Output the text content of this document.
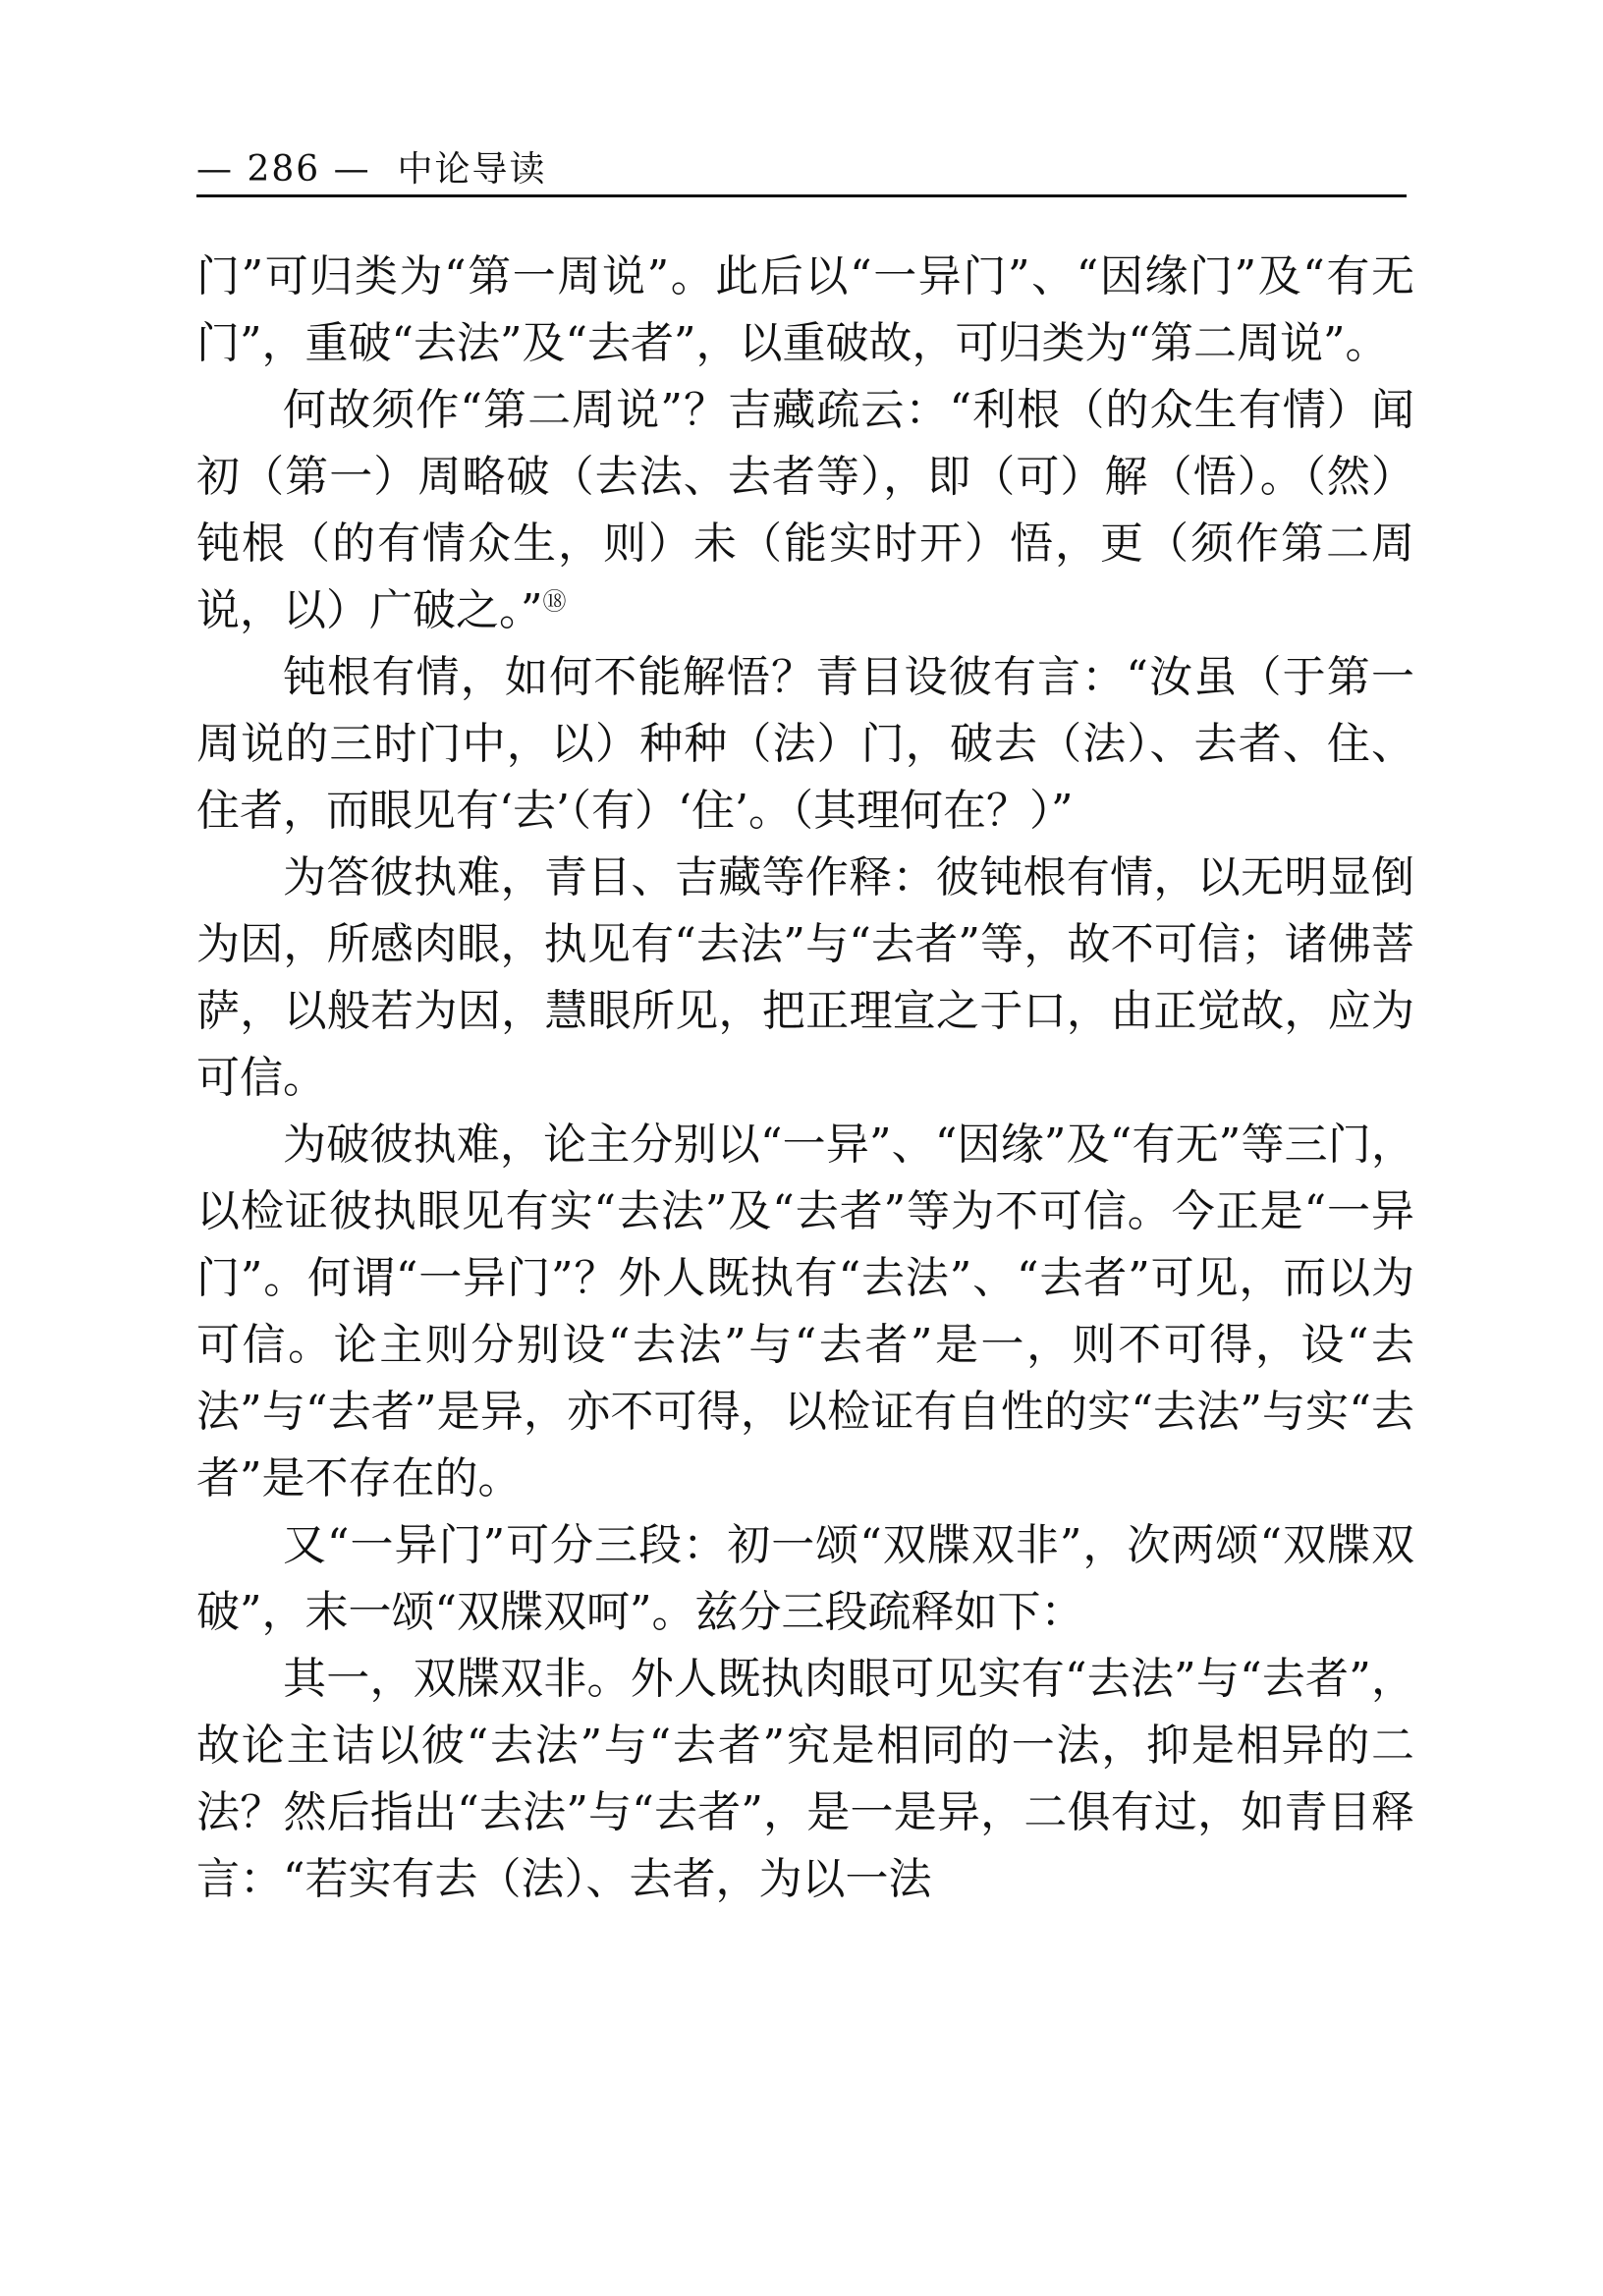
— 286 —  中论导读

门”可归类为“第一周说”。此后以“一异门”、“因缘门”及“有无门”，重破“去法”及“去者”，以重破故，可归类为“第二周说”。

何故须作“第二周说”？吉藏疏云：“利根（的众生有情）闻初（第一）周略破（去法、去者等），即（可）解（悟）。（然）钝根（的有情众生，则）未（能实时开）悟，更（须作第二周说，以）广破之。”⑱

钝根有情，如何不能解悟？青目设彼有言：“汝虽（于第一周说的三时门中，以）种种（法）门，破去（法）、去者、住、住者，而眼见有‘去’（有）‘住’。（其理何在？）”

为答彼执难，青目、吉藏等作释：彼钝根有情，以无明显倒为因，所感肉眼，执见有“去法”与“去者”等，故不可信；诸佛菩萨，以般若为因，慧眼所见，把正理宣之于口，由正觉故，应为可信。

为破彼执难，论主分别以“一异”、“因缘”及“有无”等三门，以检证彼执眼见有实“去法”及“去者”等为不可信。今正是“一异门”。何谓“一异门”？外人既执有“去法”、“去者”可见，而以为可信。论主则分别设“去法”与“去者”是一，则不可得，设“去法”与“去者”是异，亦不可得，以检证有自性的实“去法”与实“去者”是不存在的。

又“一异门”可分三段：初一颂“双牒双非”，次两颂“双牒双破”，末一颂“双牒双呵”。兹分三段疏释如下：

其一，双牒双非。外人既执肉眼可见实有“去法”与“去者”，故论主诘以彼“去法”与“去者”究是相同的一法，抑是相异的二法？然后指出“去法”与“去者”，是一是异，二俱有过，如青目释言：“若实有去（法）、去者，为以一法
